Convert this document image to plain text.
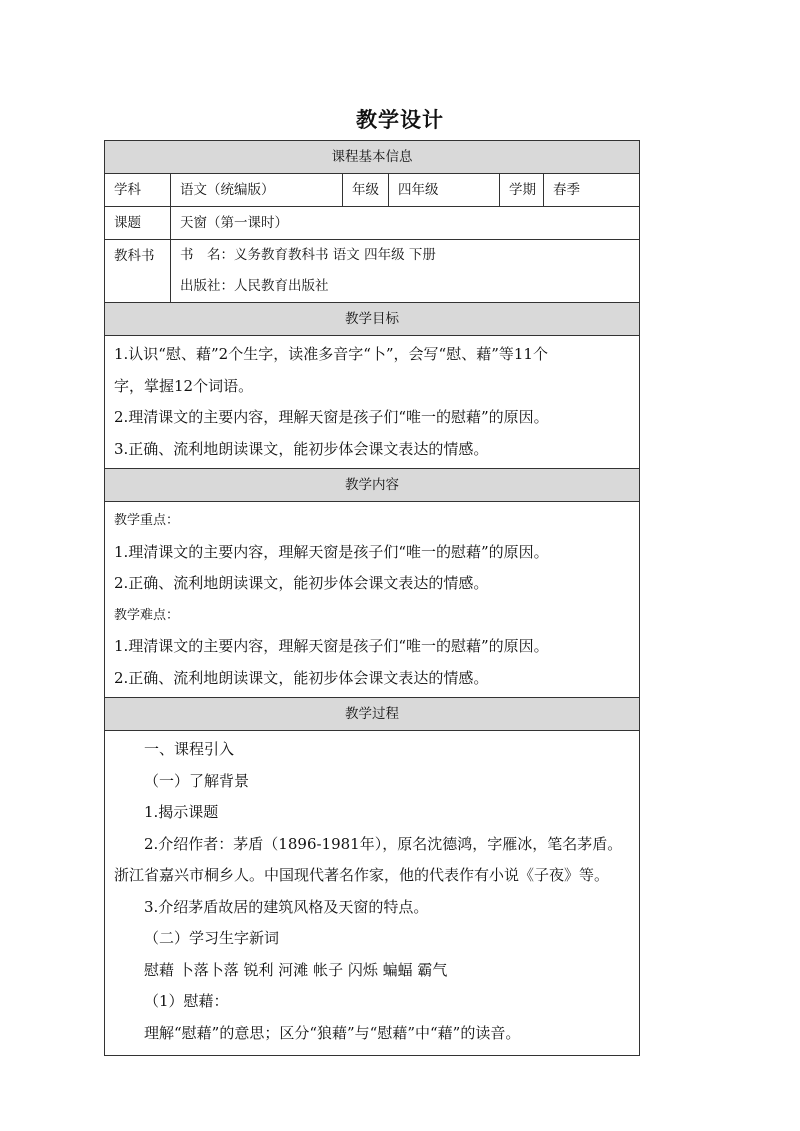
教学设计
课程基本信息
学科	语文（统编版）	年级	四年级	学期	春季
课题	天窗（第一课时）
教科书	书　名：义务教育教科书 语文 四年级 下册
出版社：人民教育出版社
教学目标

1.认识“慰、藉”2个生字，读准多音字“卜”，会写“慰、藉”等11个

字，掌握12个词语。

2.理清课文的主要内容，理解天窗是孩子们“唯一的慰藉”的原因。

3.正确、流利地朗读课文，能初步体会课文表达的情感。

教学内容

教学重点：

1.理清课文的主要内容，理解天窗是孩子们“唯一的慰藉”的原因。

2.正确、流利地朗读课文，能初步体会课文表达的情感。

教学难点：

1.理清课文的主要内容，理解天窗是孩子们“唯一的慰藉”的原因。

2.正确、流利地朗读课文，能初步体会课文表达的情感。

教学过程

一、课程引入

（一）了解背景

1.揭示课题

2.介绍作者：茅盾（1896-1981年），原名沈德鸿，字雁冰，笔名茅盾。

浙江省嘉兴市桐乡人。中国现代著名作家，他的代表作有小说《子夜》等。

3.介绍茅盾故居的建筑风格及天窗的特点。

（二）学习生字新词

慰藉 卜落卜落 锐利 河滩 帐子 闪烁 蝙蝠 霸气

（1）慰藉：

理解“慰藉”的意思；区分“狼藉”与“慰藉”中“藉”的读音。
